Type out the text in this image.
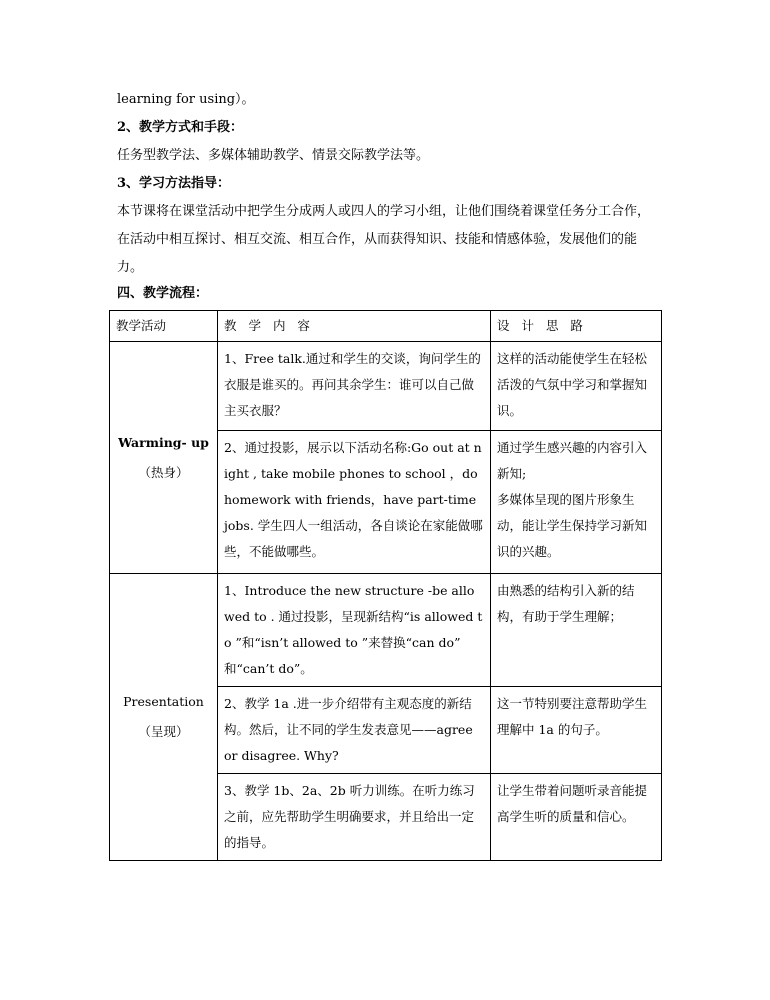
learning for using）。
2、教学方式和手段：
任务型教学法、多媒体辅助教学、情景交际教学法等。
3、学习方法指导：
本节课将在课堂活动中把学生分成两人或四人的学习小组，让他们围绕着课堂任务分工合作，在活动中相互探讨、相互交流、相互合作，从而获得知识、技能和情感体验，发展他们的能力。
四、教学流程：
教学活动	教 学 内 容	设 计 思 路

Warming- up
（热身）	1、Free talk.通过和学生的交谈，询问学生的衣服是谁买的。再问其余学生：谁可以自己做主买衣服？	这样的活动能使学生在轻松活泼的气氛中学习和掌握知识。
	2、通过投影，展示以下活动名称:Go out at night , take mobile phones to school ，do homework with friends，have part-time jobs. 学生四人一组活动，各自谈论在家能做哪些，不能做哪些。	通过学生感兴趣的内容引入新知;
多媒体呈现的图片形象生动，能让学生保持学习新知识的兴趣。

Presentation
（呈现）	1、Introduce the new structure -be allowed to . 通过投影，呈现新结构“is allowed to ”和“isn’t allowed to ”来替换“can do” 和“can’t do”。	由熟悉的结构引入新的结构，有助于学生理解；
	2、教学 1a .进一步介绍带有主观态度的新结构。然后，让不同的学生发表意见——agree or disagree. Why?	这一节特别要注意帮助学生理解中 1a 的句子。
	3、教学 1b、2a、2b 听力训练。在听力练习之前，应先帮助学生明确要求，并且给出一定的指导。	让学生带着问题听录音能提高学生听的质量和信心。
